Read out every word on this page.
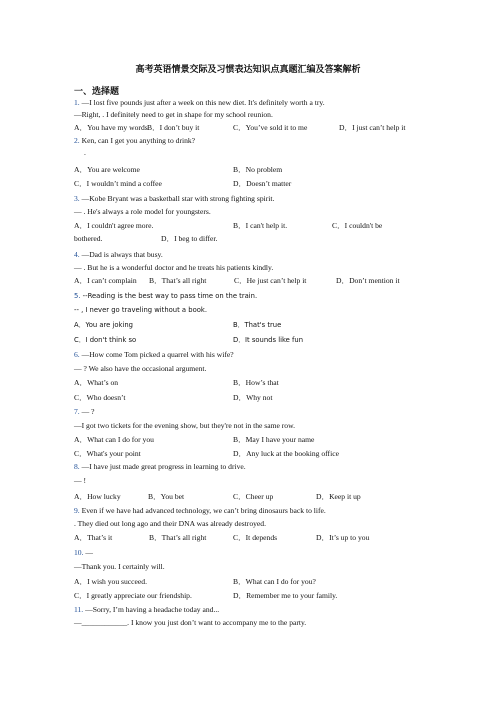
高考英语情景交际及习惯表达知识点真题汇编及答案解析
一、选择题
1. —I lost five pounds just after a week on this new diet. It's definitely worth a try.
—Right, . I definitely need to get in shape for my school reunion.
A．You have my words B．I don’t buy it	C．You’ve sold it to me	D．I just can’t help it
2. Ken, can I get you anything to drink?
.
A．You are welcome	B．No problem
C．I wouldn’t mind a coffee	D．Doesn’t matter
3. —Kobe Bryant was a basketball star with strong fighting spirit.
— . He's always a role model for youngsters.
A．I couldn't agree more.	B．I can't help it.	C．I couldn't be
bothered.	D．I beg to differ.
4. —Dad is always that busy.
— . But he is a wonderful doctor and he treats his patients kindly.
A．I can’t complain B．That’s all right	C．He just can’t help it	D．Don’t mention it
5. --Reading is the best way to pass time on the train.
-- , I never go traveling without a book.
A．You are joking	B．That's true
C．I don't think so	D．It sounds like fun
6. —How come Tom picked a quarrel with his wife?
— ? We also have the occasional argument.
A．What’s on	B．How’s that
C．Who doesn’t	D．Why not
7. — ?
—I got two tickets for the evening show, but they're not in the same row.
A．What can I do for you	B．May I have your name
C．What's your point	D．Any luck at the booking office
8. —I have just made great progress in learning to drive.
— !
A．How lucky	B．You bet	C．Cheer up	D．Keep it up
9. Even if we have had advanced technology, we can’t bring dinosaurs back to life.
. They died out long ago and their DNA was already destroyed.
A．That’s it	B．That’s all right	C．It depends	D．It’s up to you
10. —
—Thank you. I certainly will.
A．I wish you succeed.	B．What can I do for you?
C．I greatly appreciate our friendship.	D．Remember me to your family.
11. —Sorry, I’m having a headache today and...
—____________. I know you just don’t want to accompany me to the party.
